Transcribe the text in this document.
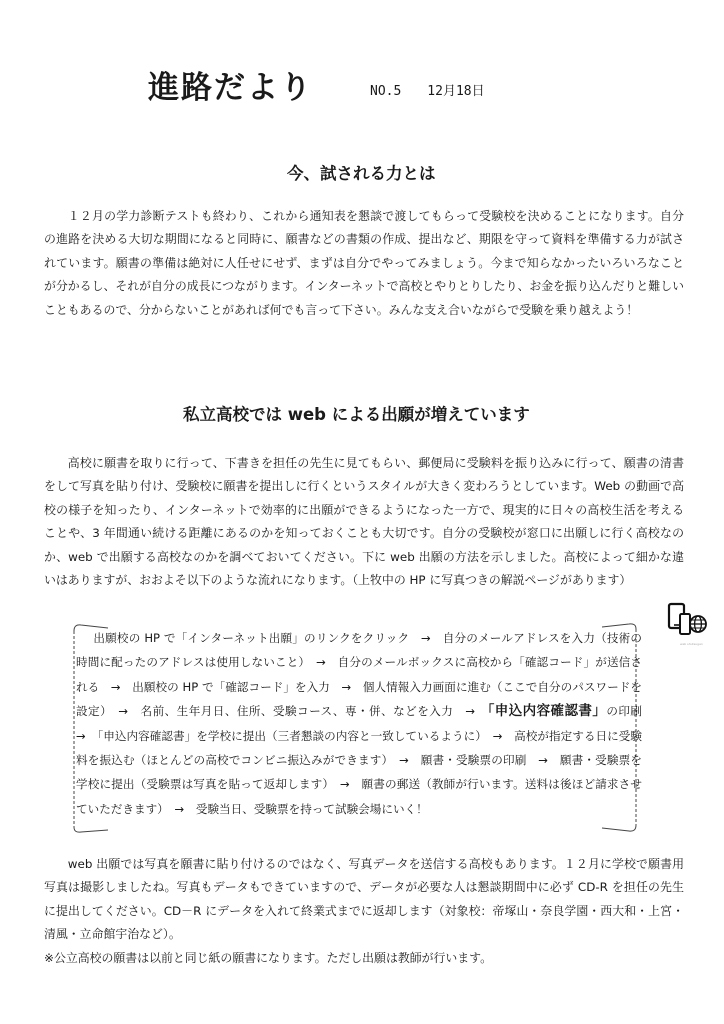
進路だより	NO.5　　12月18日
今、試される力とは

１２月の学力診断テストも終わり、これから通知表を懇談で渡してもらって受験校を決めることになります。自分の進路を決める大切な期間になると同時に、願書などの書類の作成、提出など、期限を守って資料を準備する力が試されています。願書の準備は絶対に人任せにせず、まずは自分でやってみましょう。今まで知らなかったいろいろなことが分かるし、それが自分の成長につながります。インターネットで高校とやりとりしたり、お金を振り込んだりと難しいこともあるので、分からないことがあれば何でも言って下さい。みんな支え合いながらで受験を乗り越えよう！

私立高校では web による出願が増えています

高校に願書を取りに行って、下書きを担任の先生に見てもらい、郵便局に受験料を振り込みに行って、願書の清書をして写真を貼り付け、受験校に願書を提出しに行くというスタイルが大きく変わろうとしています。Web の動画で高校の様子を知ったり、インターネットで効率的に出願ができるようになった一方で、現実的に日々の高校生活を考えることや、3 年間通い続ける距離にあるのかを知っておくことも大切です。自分の受験校が窓口に出願しに行く高校なのか、web で出願する高校なのかを調べておいてください。下に web 出願の方法を示しました。高校によって細かな違いはありますが、おおよそ以下のような流れになります。（上牧中の HP に写真つきの解説ページがあります）

web shutsugan

出願校の HP で「インターネット出願」のリンクをクリック　→　自分のメールアドレスを入力（技術の時間に配ったのアドレスは使用しないこと）　→　自分のメールボックスに高校から「確認コード」が送信される　→　出願校の HP で「確認コード」を入力　→　個人情報入力画面に進む（ここで自分のパスワードを設定）　→　名前、生年月日、住所、受験コース、専・併、などを入力　→　「申込内容確認書」の印刷　→　「申込内容確認書」を学校に提出（三者懇談の内容と一致しているように）　→　高校が指定する日に受験料を振込む（ほとんどの高校でコンビニ振込みができます）　→　願書・受験票の印刷　→　願書・受験票を学校に提出（受験票は写真を貼って返却します）　→　願書の郵送（教師が行います。送料は後ほど請求させていただきます）　→　受験当日、受験票を持って試験会場にいく！

web 出願では写真を願書に貼り付けるのではなく、写真データを送信する高校もあります。１２月に学校で願書用写真は撮影しましたね。写真もデータもできていますので、データが必要な人は懇談期間中に必ず CD-R を担任の先生に提出してください。CD－R にデータを入れて終業式までに返却します（対象校：帝塚山・奈良学園・西大和・上宮・清風・立命館宇治など）。
※公立高校の願書は以前と同じ紙の願書になります。ただし出願は教師が行います。
